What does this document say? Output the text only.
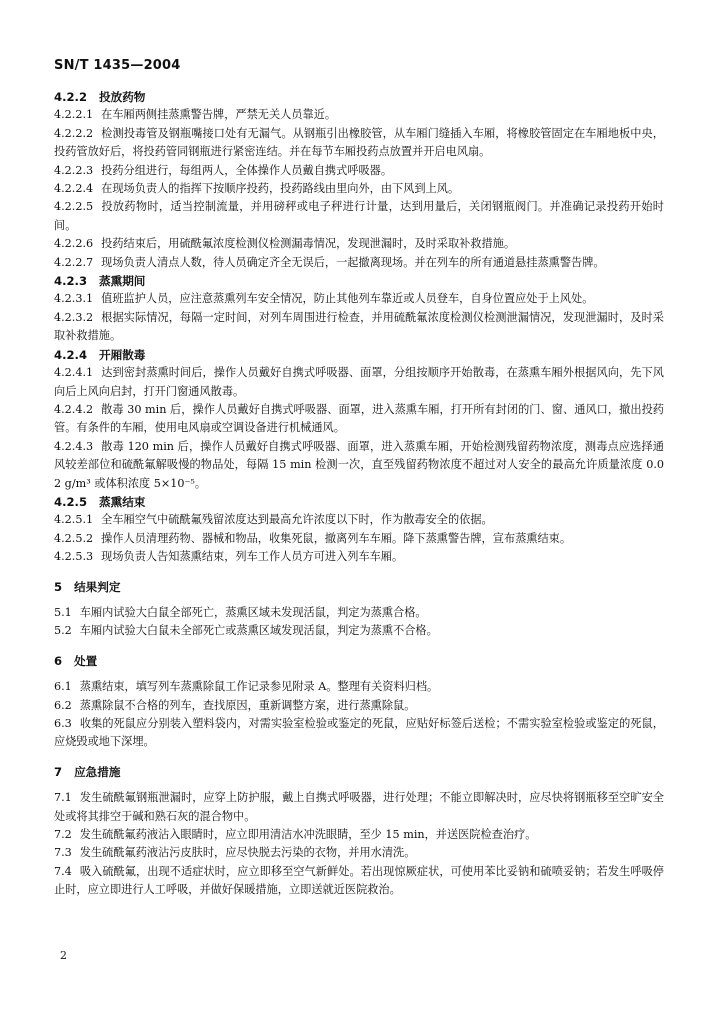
SN/T 1435—2004

4.2.2 投放药物

4.2.2.1 在车厢两侧挂蒸熏警告牌，严禁无关人员靠近。

4.2.2.2 检测投毒管及钢瓶嘴接口处有无漏气。从钢瓶引出橡胶管，从车厢门缝插入车厢，将橡胶管固定在车厢地板中央，投药管放好后，将投药管同钢瓶进行紧密连结。并在每节车厢投药点放置并开启电风扇。

4.2.2.3 投药分组进行，每组两人，全体操作人员戴自携式呼吸器。

4.2.2.4 在现场负责人的指挥下按顺序投药，投药路线由里向外，由下风到上风。

4.2.2.5 投放药物时，适当控制流量，并用磅秤或电子秤进行计量，达到用量后，关闭钢瓶阀门。并准确记录投药开始时间。

4.2.2.6 投药结束后，用硫酰氟浓度检测仪检测漏毒情况，发现泄漏时，及时采取补救措施。

4.2.2.7 现场负责人清点人数，待人员确定齐全无误后，一起撤离现场。并在列车的所有通道悬挂蒸熏警告牌。

4.2.3 蒸熏期间

4.2.3.1 值班监护人员，应注意蒸熏列车安全情况，防止其他列车靠近或人员登车，自身位置应处于上风处。

4.2.3.2 根据实际情况，每隔一定时间，对列车周围进行检查，并用硫酰氟浓度检测仪检测泄漏情况，发现泄漏时，及时采取补救措施。

4.2.4 开厢散毒

4.2.4.1 达到密封蒸熏时间后，操作人员戴好自携式呼吸器、面罩，分组按顺序开始散毒，在蒸熏车厢外根据风向，先下风向后上风向启封，打开门窗通风散毒。

4.2.4.2 散毒 30 min 后，操作人员戴好自携式呼吸器、面罩，进入蒸熏车厢，打开所有封闭的门、窗、通风口，撤出投药管。有条件的车厢，使用电风扇或空调设备进行机械通风。

4.2.4.3 散毒 120 min 后，操作人员戴好自携式呼吸器、面罩，进入蒸熏车厢，开始检测残留药物浓度，测毒点应选择通风较差部位和硫酰氟解吸慢的物品处，每隔 15 min 检测一次，直至残留药物浓度不超过对人安全的最高允许质量浓度 0.02 g/m³ 或体积浓度 5×10⁻⁵。

4.2.5 蒸熏结束

4.2.5.1 全车厢空气中硫酰氟残留浓度达到最高允许浓度以下时，作为散毒安全的依据。

4.2.5.2 操作人员清理药物、器械和物品，收集死鼠，撤离列车车厢。降下蒸熏警告牌，宣布蒸熏结束。

4.2.5.3 现场负责人告知蒸熏结束，列车工作人员方可进入列车车厢。

5 结果判定

5.1 车厢内试验大白鼠全部死亡，蒸熏区域未发现活鼠，判定为蒸熏合格。

5.2 车厢内试验大白鼠未全部死亡或蒸熏区域发现活鼠，判定为蒸熏不合格。

6 处置

6.1 蒸熏结束，填写列车蒸熏除鼠工作记录参见附录 A。整理有关资料归档。

6.2 蒸熏除鼠不合格的列车，查找原因，重新调整方案，进行蒸熏除鼠。

6.3 收集的死鼠应分别装入塑料袋内，对需实验室检验或鉴定的死鼠，应贴好标签后送检；不需实验室检验或鉴定的死鼠，应烧毁或地下深埋。

7 应急措施

7.1 发生硫酰氟钢瓶泄漏时，应穿上防护服，戴上自携式呼吸器，进行处理；不能立即解决时，应尽快将钢瓶移至空旷安全处或将其排空于碱和熟石灰的混合物中。

7.2 发生硫酰氟药液沾入眼睛时，应立即用清洁水冲洗眼睛，至少 15 min，并送医院检查治疗。

7.3 发生硫酰氟药液沾污皮肤时，应尽快脱去污染的衣物，并用水清洗。

7.4 吸入硫酰氟，出现不适症状时，应立即移至空气新鲜处。若出现惊厥症状，可使用苯比妥钠和硫喷妥钠；若发生呼吸停止时，应立即进行人工呼吸，并做好保暖措施，立即送就近医院救治。

2
